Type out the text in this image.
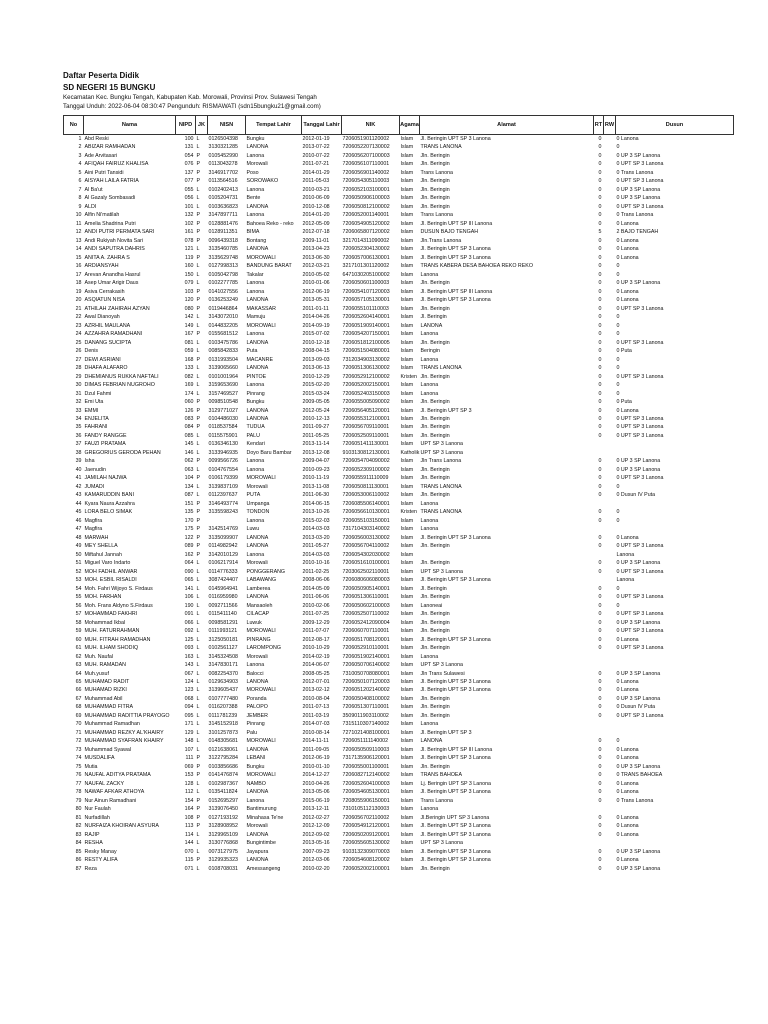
Daftar Peserta Didik
SD NEGERI 15 BUNGKU
Kecamatan Kec. Bungku Tengah, Kabupaten Kab. Morowali, Provinsi Prov. Sulawesi Tengah
Tanggal Unduh: 2022-06-04 08:30:47 Pengunduh: RISMAWATI (sdn15bungku21@gmail.com)
No	Nama	NIPD	JK	NISN	Tempat Lahir	Tanggal Lahir	NIK	Agama	Alamat	RT	RW	Dusun
1	Abd Reski	100	L	0126504398	Bungku	2012-01-19	7206051901120002	Islam	Jl. Beringin UPT SP 3 Lanona	0		0 Lanona
2	ABIZAR RAMHADAN	131	L	3130321285	LANONA	2013-07-22	7206052207130002	Islam	TRANS LANONA	0		0
3	Ade Arvitasari	054	P	0105452990	Lanona	2010-07-22	7206056207100003	Islam	Jln. Beringin	0		0 UP 3 SP Lanona
4	AFIQAH FAIRUZ KHALISA	076	P	0113043278	Morowali	2011-07-21	7206056107110001	Islam	Jln. Beringin	0		0 UPT SP 3 Lanona
5	Aini Putri Tansidi	137	P	3146917702	Poso	2014-01-29	7206056901140002	Islam	Trans Lanona	0		0 Trans Lanona
6	AISYAH LAILA FATRIA	077	P	0113564516	SOROWAKO	2011-05-03	7206054305110003	Islam	Jln. Beringin	0		0 UPT SP 3 Lanona
7	Al Ba'ut	055	L	0102402413	Lanona	2010-03-21	7206052103100001	Islam	Jln. Beringin	0		0 UP 3 SP Lanona
8	Al Gazaly Sombasadi	056	L	0105204731	Bente	2010-06-09	7206050906100003	Islam	Jln. Beringin	0		0 UP 3 SP Lanona
9	ALDI	101	L	0103636823	LANONA	2010-12-08	7206050812100002	Islam	Jln. Beringin	0		0 UPT SP 3 Lanona
10	Alfin Ni'matilah	132	P	3147897711	Lanona	2014-01-20	7206052001140001	Islam	Trans Lanona	0		0 Trans Lanona
11	Amelia Shadrina Putri	102	P	0128881476	Bahoea Reko - reko	2012-05-09	7206054905120002	Islam	Jl. Beringin UPT SP III Lanona	0		0 Lanona
12	ANDI PUTRI PERMATA SARI	161	P	0128911351	BIMA	2012-07-18	7206065807120002	Islam	DUSUN BAJO TENGAH	5		2 BAJO TENGAH
13	Andi Rukiyah Novita Sari	078	P	0096439318	Bontang	2009-11-01	3217014311090002	Islam	Jln.Trans Lanona	0		0 Lanona
14	ANDI SAPUTRA DAHRIS	121	L	3135460785	LANONA	2013-04-23	7206052304130002	Islam	Jl. Beringin UPT SP 3 Lanona	0		0 Lanona
15	ANITA A. ZAHRA S	119	P	3135629748	MOROWALI	2013-06-30	7206057006130001	Islam	Jl. Beringin UPT SP 3 Lanona	0		0 Lanona
16	ARDIANSYAH	160	L	0127998313	BANDUNG BARAT	2012-03-21	3217101301120002	Islam	TRANS KABERA DESA BAHOEA REKO REKO	0		0
17	Arevan Anandha Hasrul	150	L	0105042798	Takalar	2010-05-02	6471030205100002	Islam	Lanona	0		0
18	Asep Umar Arigir Daus	079	L	0102277785	Lanona	2010-01-06	7206050601100003	Islam	Jln. Beringin	0		0 UP 3 SP Lanona
19	Asiva Cerrakasih	103	P	0141027556	Lanona	2012-06-19	7206054107120003	Islam	Jl. Beringin UPT SP III Lanona	0		0 Lanona
20	ASQIATUN NISA	120	P	0136253249	LANONA	2013-05-31	7206057105130001	Islam	Jl. Beringin UPT SP 3 Lanona	0		0 Lanona
21	ATHILAH ZAHIRAH AZYAN	080	P	0119446864	MAKASSAR	2011-01-11	7206055101110003	Islam	Jln. Beringin	0		0 UPT SP 3 Lanona
22	Awal Dianoyah	142	L	3143072010	Mamuju	2014-04-26	7206052604140001	Islam	Jl. Beringin	0		0
23	AZRHIL MAULANA	149	L	0144832205	MOROWALI	2014-09-19	7206051909140001	Islam	LANONA	0		0
24	AZZAHRA RAMADHANI	167	P	0155681512	Lanona	2015-07-02	7206054207150001	Islam	Lanona	0		0
25	DANANG SUCIPTA	081	L	0103475786	LANONA	2010-12-18	7206051812100005	Islam	Jln. Beringin	0		0 UPT SP 3 Lanona
26	Denis	059	L	0085842833	Puta	2008-04-15	7206051504080001	Islam	Beringin	0		0 Puta
27	DEWI ASRIANI	168	P	0131993504	MACANRE	2013-09-03	7312034903130002	Islam	Lanona	0		0
28	DHAFA ALAFARO	133	L	3139065660	LANONA	2013-06-13	7206051306130002	Islam	TRANS LANONA	0		0
29	DHEMIANUS RUKKA NAFTALI	082	L	0101001964	PINTOE	2010-12-29	7206052912100002	Kristen	Jln. Beringin	0		0 UPT SP 3 Lanona
30	DIMAS FEBRIAN NUGROHO	169	L	3159653690	Lanona	2015-02-20	7206052002150001	Islam	Lanona	0		0
31	Dzul Fahmi	174	L	3157469527	Pinrang	2015-03-24	7206052403150003	Islam	Lanona	0		0
32	Emi Uta	060	P	0098510548	Bungku	2009-05-05	7206055005090002	Islam	Jln. Beringin	0		0 Puta
33	EMMI	126	P	3129771027	LANONA	2012-05-24	7206056405120001	Islam	Jl. Beringin UPT SP 3	0		0 Lanona
34	ENJELITA	083	P	0104486030	LANONA	2010-12-13	7206055312100001	Islam	Jln. Beringin	0		0 UPT SP 3 Lanona
35	FAHRANI	084	P	0118537584	TUDUA	2011-09-27	7206056709110001	Islam	Jln. Beringin	0		0 UPT SP 3 Lanona
36	FANDY RANGGE	085	L	0115575901	PALU	2011-05-25	7206052509110001	Islam	Jln. Beringin	0		0 UPT SP 3 Lanona
37	FAUZI PRATAMA	145	L	0136346130	Kendari	2013-11-14	7206051411130001	Islam	UPT SP 3 Lanona			
38	GREGORIUS GERODA PEHAN	146	L	3133946935	Doyo Baru Bambar	2013-12-08	9103130812130001	Katholik	UPT SP 3 Lanona			
39	Isha	062	P	0099566726	Lanona	2009-04-07	7206054704090002	Islam	Jln Trans Lanona	0		0 UP 3 SP Lanona
40	Jaenudin	063	L	0104767554	Lanona	2010-09-23	7206052309100002	Islam	Jln. Beringin	0		0 UP 3 SP Lanona
41	JAMILAH NAJWA	104	P	0106179399	MOROWALI	2010-11-19	7206055911110009	Islam	Jln. Beringin	0		0 UPT SP 3 Lanona
42	JUMADI	134	L	3139837109	Morowali	2013-11-08	7206050811130001	Islam	TRANS LANONA	0		0
43	KAMARUDDIN BANI	087	L	0112397637	PUTA	2011-06-30	7206053006110002	Islam	Jln. Beringin	0		0 Dusun IV Puta
44	Kyara Naura Azzahra	151	P	3146493774	Umpanga	2014-06-15	7206085506140001	Islam	Lanona			
45	LORA BELO SIMAK	135	P	3135598243	TONDON	2013-10-26	7206056610130001	Kristen	TRANS LANONA	0		0
46	Magfira	170	P		Lanona	2015-02-03	7206055103150001	Islam	Lanona	0		0
47	Magfira	175	P	3142514769	Luwu	2014-03-03	7317104303140002	Islam	Lanona			
48	MARWAH	122	P	3135099907	LANONA	2013-03-20	7206056003130002	Islam	Jl. Beringin UPT SP 3 Lanona	0		0 Lanona
49	MEY SHELLA	089	P	0114982942	LANONA	2011-05-27	7206056704110002	Islam	Jln. Beringin	0		0 UPT SP 3 Lanona
50	Miftahul Jannah	162	P	3142010129	Lanona	2014-03-03	7206054302030002	Islam				Lanona
51	Miguel Varo Indarto	064	L	0106217914	Morowali	2010-10-16	7206051610100001	Islam	Jln. Beringin	0		0 UP 3 SP Lanona
52	MOH FADHIL ANWAR	090	L	0114776333	PONGGERANG	2011-02-25	7203062502110001	Islam	UPT SP 3 Lanona	0		0 UPT SP 3 Lanona
53	MOH. ESBIL RISALDI	065	L	3087424407	LABAWANG	2008-06-06	7206080606080003	Islam	Jl. Beringin UPT SP 3 Lanona			Lanona
54	Moh. Fahri Wijoyo S. Firdaus	141	L	0145964941	Lamberea	2014-05-09	7206050905140001	Islam	Jl. Beringin	0		0
55	MOH. FARHAN	106	L	0116959980	LANONA	2011-06-06	7206051306110001	Islam	Jln. Beringin	0		0 UPT SP 3 Lanona
56	Moh. Frans Aldyno S.Firdaus	190	L	0092711566	Mansaoleh	2010-02-06	7206050602100003	Islam	Lanoneai	0		0
57	MOHAMMAD FAKHRI	091	L	0115411140	CILACAP	2011-07-25	7206052507110002	Islam	Jln. Beringin	0		0 UPT SP 3 Lanona
58	Mohammad Ikbal	066	L	0098581291	Luwuk	2009-12-29	7206052412090004	Islam	Jln. Beringin	0		0 UP 3 SP Lanona
59	MUH. FATURRAHMAN	092	L	0111993121	MOROWALI	2011-07-07	7206060707110001	Islam	Jln. Beringin	0		0 UPT SP 3 Lanona
60	MUH. FITRAH RAMADHAN	125	L	3125050181	PINRANG	2012-08-17	7206051708120001	Islam	Jl. Beringin UPT SP 3 Lanona	0		0 Lanona
61	MUH. ILHAM SHODIQ	093	L	0102561127	LAROMPONG	2010-10-29	7206052910110001	Islam	Jln. Beringin	0		0 UPT SP 3 Lanona
62	Muh. Naufal	163	L	3145324508	Morowali	2014-02-19	7206051902140001	Islam	Lanona			
63	MUH. RAMADAN	143	L	3147830171	Lanona	2014-06-07	7206050706140002	Islam	UPT SP 3 Lanona			
64	Muh.yusuf	067	L	0082254370	Balocci	2008-05-25	7310050708080001	Islam	Jln Trans Sulawesi	0		0 UP 3 SP Lanona
65	MUHAMAD RADIT	124	L	0129634903	LANONA	2012-07-01	7206050107120003	Islam	Jl. Beringin UPT SP 3 Lanona	0		0 Lanona
66	MUHAMAD RIZKI	123	L	3139605437	MOROWALI	2013-02-12	7206051202140002	Islam	Jl. Beringin UPT SP 3 Lanona	0		0 Lanona
67	Muhammad Abil	068	L	0107777480	Poranda	2010-08-04	7206050408100002	Islam	Jln. Beringin	0		0 UP 3 SP Lanona
68	MUHAMMAD FITRA	094	L	0116207388	PALOPO	2011-07-13	7206051307110001	Islam	Jln. Beringin	0		0 Dusun IV Puta
69	MUHAMMAD RADITTIA PRAYOGO	095	L	0111781239	JEMBER	2011-03-19	3509011903110002	Islam	Jln. Beringin	0		0 UPT SP 3 Lanona
70	Muhammad Ramadhan	171	L	3145152918	Pinrang	2014-07-03	7315110307140002	Islam	Lanona			
71	MUHAMMAD REZKY AL'KHAIRY	129	L	3101257873	Palu	2010-08-14	7271021408100001	Islam	Jl. Beringin UPT SP 3			
72	MUHAMMAD SYAFRAN KHAIRY	148	L	0148305681	MOROWALI	2014-11-11	7206051111140002	Islam	LANONA	0		0
73	Muhammad Syawal	107	L	0121638061	LANONA	2011-09-05	7206050509110003	Islam	Jl. Beringin UPT SP III Lanona	0		0 Lanona
74	MUSDALIFA	111	P	3122795284	LEBANI	2012-06-19	7317135906120001	Islam	Jl. Beringin UPT SP 3 Lanona	0		0 Lanona
75	Mutia	069	P	0103856686	Bungku	2010-01-10	7206055001100001	Islam	Jln. Beringin	0		0 UP 3 SP Lanona
76	NAUFAL ADITYA PRATAMA	153	P	0141476874	MOROWALI	2014-12-27	7206082712140002	Islam	TRANS BAHOEA	0		0 TRANS BAHOEA
77	NAUFAL ZACKY	128	L	0102987367	NAMBO	2010-04-26	7206052604100003	Islam	Lj. Beringin UPT SP 3 Lanona	0		0 Lanona
78	NAWAF AFKAR ATHOYA	112	L	0135411824	LANONA	2013-05-06	7206054605130001	Islam	Jl. Beringin UPT SP 3 Lanona	0		0 Lanona
79	Nur Ainun Ramadhani	154	P	0152695297	Lanona	2015-06-19	7208055906150001	Islam	Trans Lanona	0		0 Trans Lanona
80	Nur Faulah	164	P	3139076450	Bantimurung	2013-12-11	7310105112130003	Islam	Lanona			
81	Nurfadillah	108	P	0127193192	Minahasa Te'ne	2012-02-27	7206056702110002	Islam	Jl.Beringin UPT SP 3 Lanona	0		0 Lanona
82	NURFAIZA KHOIRAN ASYURA	113	P	3128908952	Morowali	2012-12-09	7206054912120001	Islam	Jl. Beringin UPT SP 3 Lanona	0		0 Lanona
83	RAJIP	114	L	3129965109	LANONA	2012-09-02	7206050209120001	Islam	Jl. Beringin UPT SP 3 Lanona	0		0 Lanona
84	RESHA	144	L	3130776868	Bungintimbe	2013-05-16	7206055605130002	Islam	UPT SP 3 Lanona			
85	Resky Manay	070	L	0073127975	Jayapura	2007-09-23	9103132309070003	Islam	Jl. Beringin UPT SP 3 Lanona	0		0 UP 3 SP Lanona
86	RESTY ALIFA	115	P	3129935323	LANONA	2012-03-06	7206054608120002	Islam	Jl. Beringin UPT SP 3 Lanona	0		0 Lanona
87	Reza	071	L	0108708031	Amessangeng	2010-02-20	7206052002100001	Islam	Jln. Beringin	0		0 UP 3 SP Lanona
